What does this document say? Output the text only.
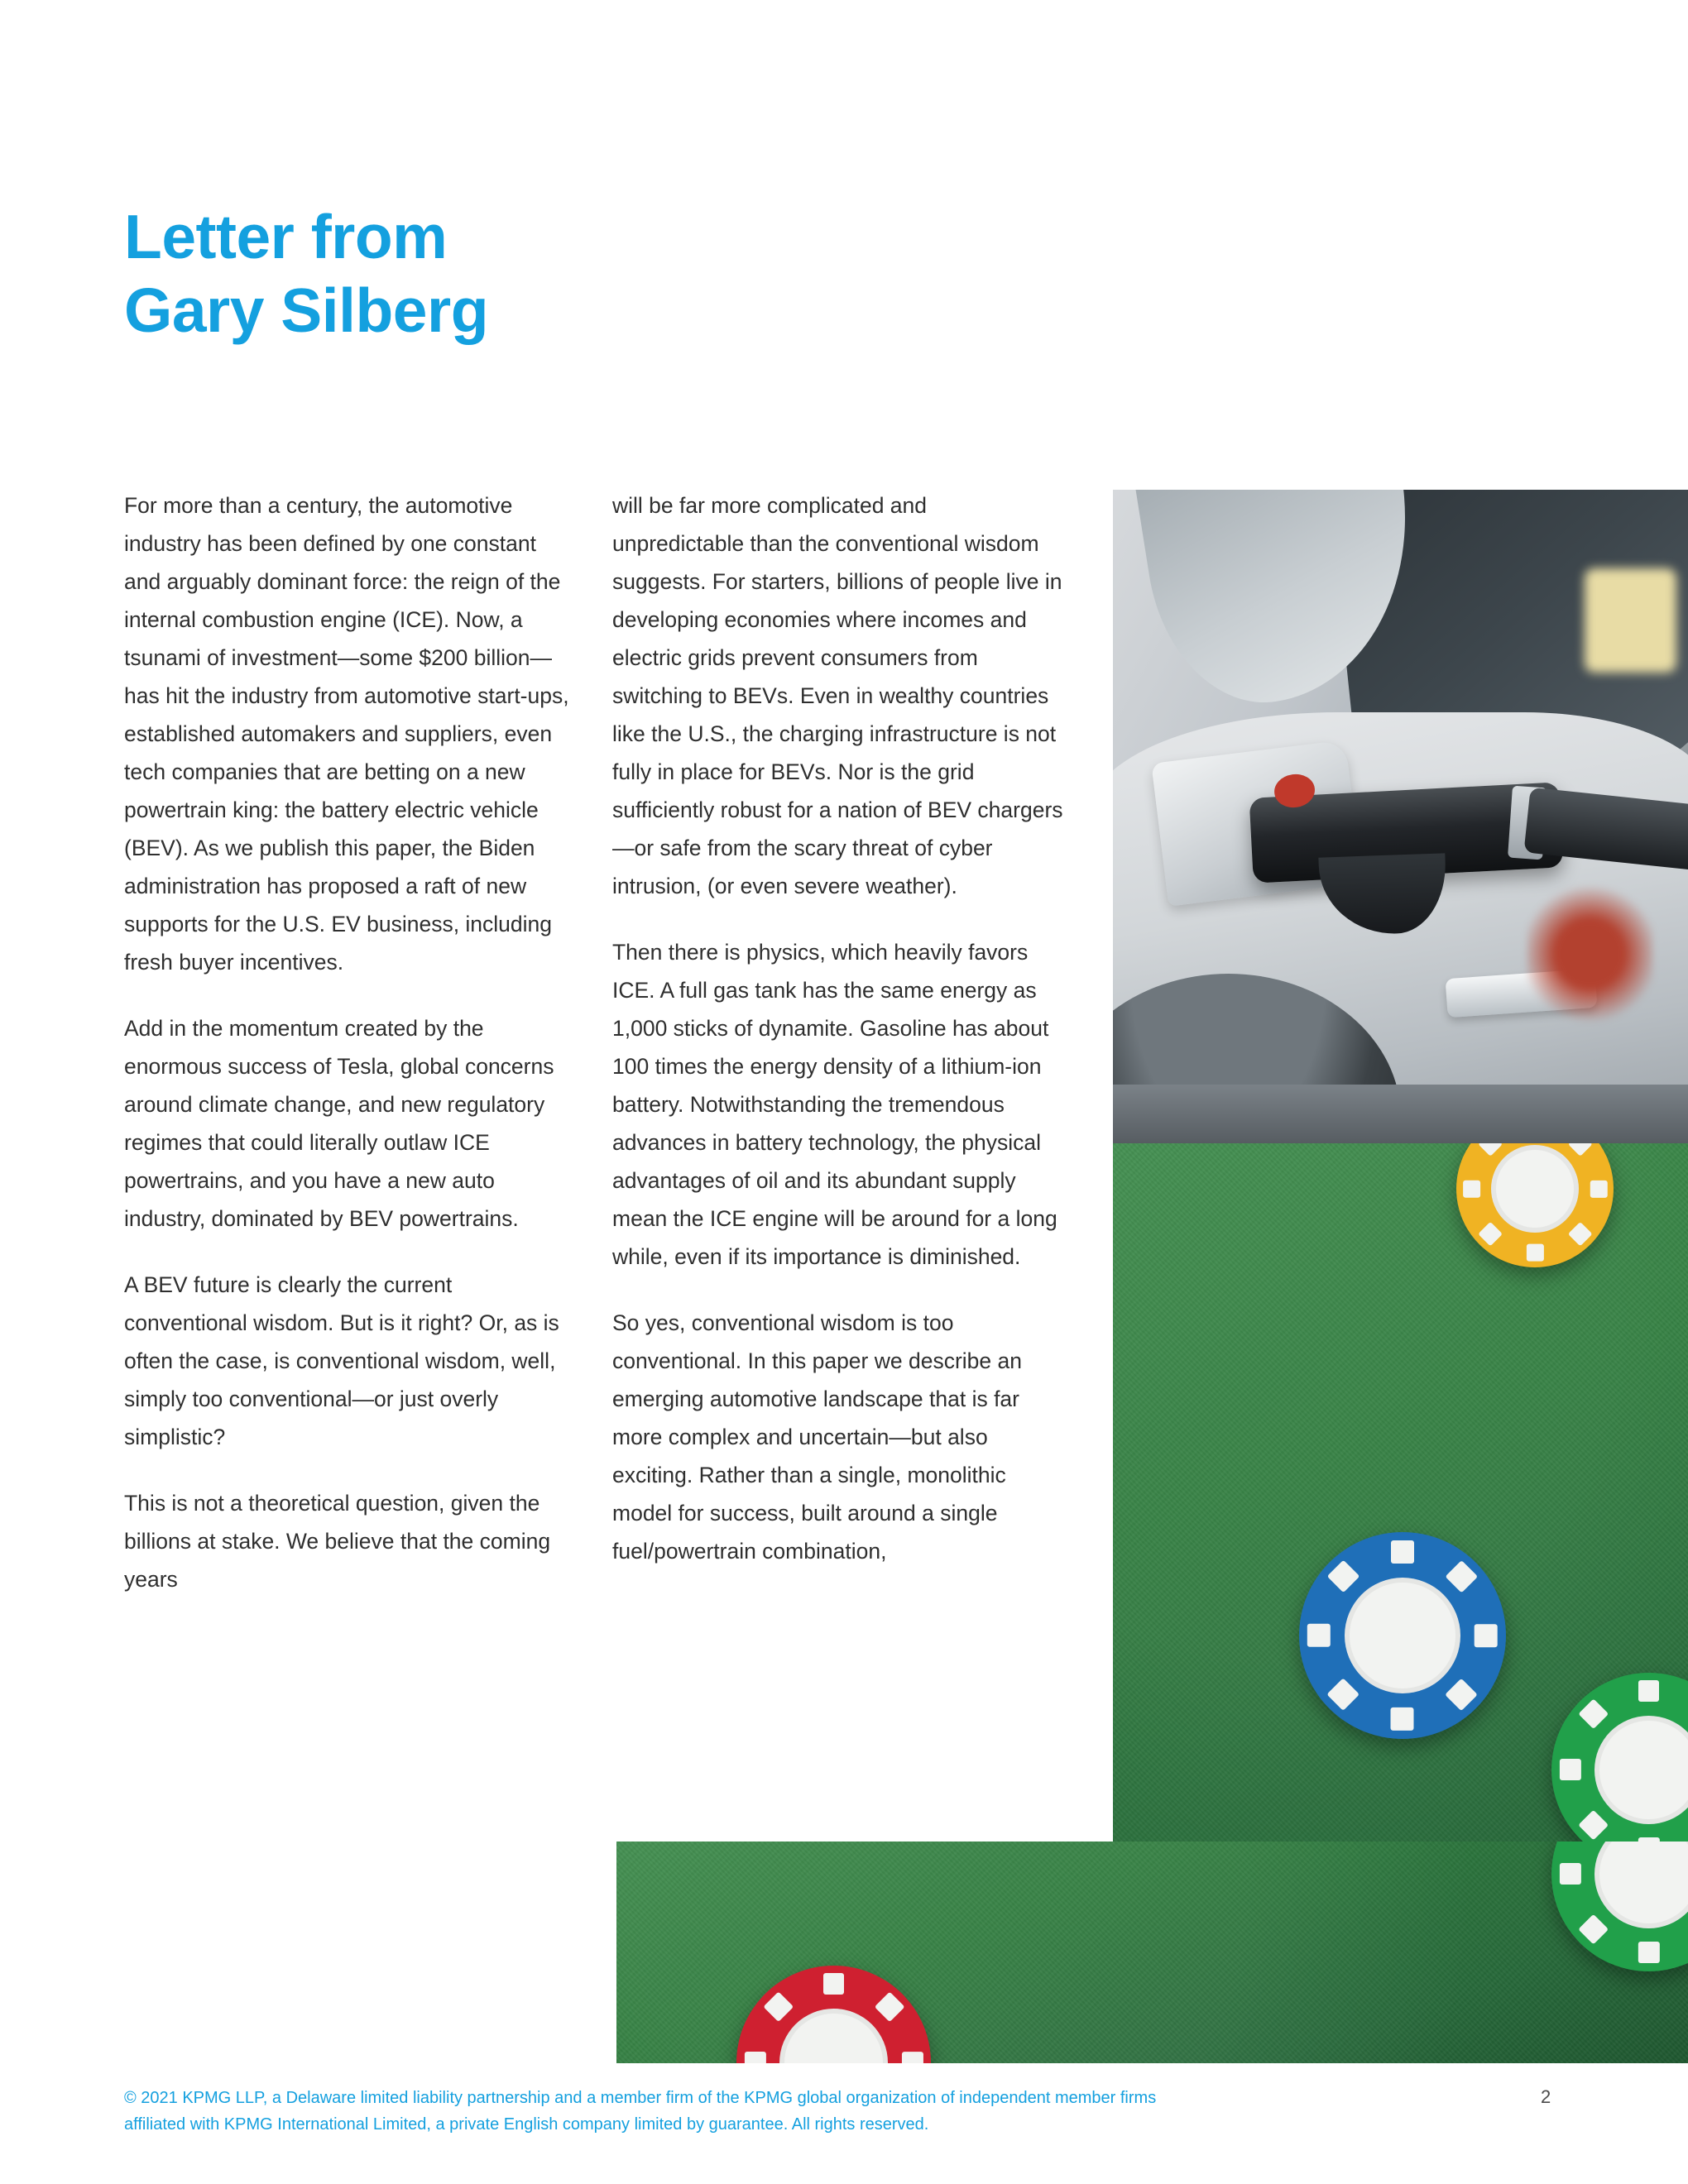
Letter from
Gary Silberg

For more than a century, the automotive industry has been defined by one constant and arguably dominant force: the reign of the internal combustion engine (ICE). Now, a tsunami of investment—some $200 billion—has hit the industry from automotive start-ups, established automakers and suppliers, even tech companies that are betting on a new powertrain king: the battery electric vehicle (BEV). As we publish this paper, the Biden administration has proposed a raft of new supports for the U.S. EV business, including fresh buyer incentives.

Add in the momentum created by the enormous success of Tesla, global concerns around climate change, and new regulatory regimes that could literally outlaw ICE powertrains, and you have a new auto industry, dominated by BEV powertrains.

A BEV future is clearly the current conventional wisdom. But is it right? Or, as is often the case, is conventional wisdom, well, simply too conventional—or just overly simplistic?

This is not a theoretical question, given the billions at stake. We believe that the coming years

will be far more complicated and unpredictable than the conventional wisdom suggests. For starters, billions of people live in developing economies where incomes and electric grids prevent consumers from switching to BEVs. Even in wealthy countries like the U.S., the charging infrastructure is not fully in place for BEVs. Nor is the grid sufficiently robust for a nation of BEV chargers—or safe from the scary threat of cyber intrusion, (or even severe weather).

Then there is physics, which heavily favors ICE. A full gas tank has the same energy as 1,000 sticks of dynamite. Gasoline has about 100 times the energy density of a lithium-ion battery. Notwithstanding the tremendous advances in battery technology, the physical advantages of oil and its abundant supply mean the ICE engine will be around for a long while, even if its importance is diminished.

So yes, conventional wisdom is too conventional. In this paper we describe an emerging automotive landscape that is far more complex and uncertain—but also exciting. Rather than a single, monolithic model for success, built around a single fuel/powertrain combination,

© 2021 KPMG LLP, a Delaware limited liability partnership and a member firm of the KPMG global organization of independent member firms
affiliated with KPMG International Limited, a private English company limited by guarantee. All rights reserved.
2
